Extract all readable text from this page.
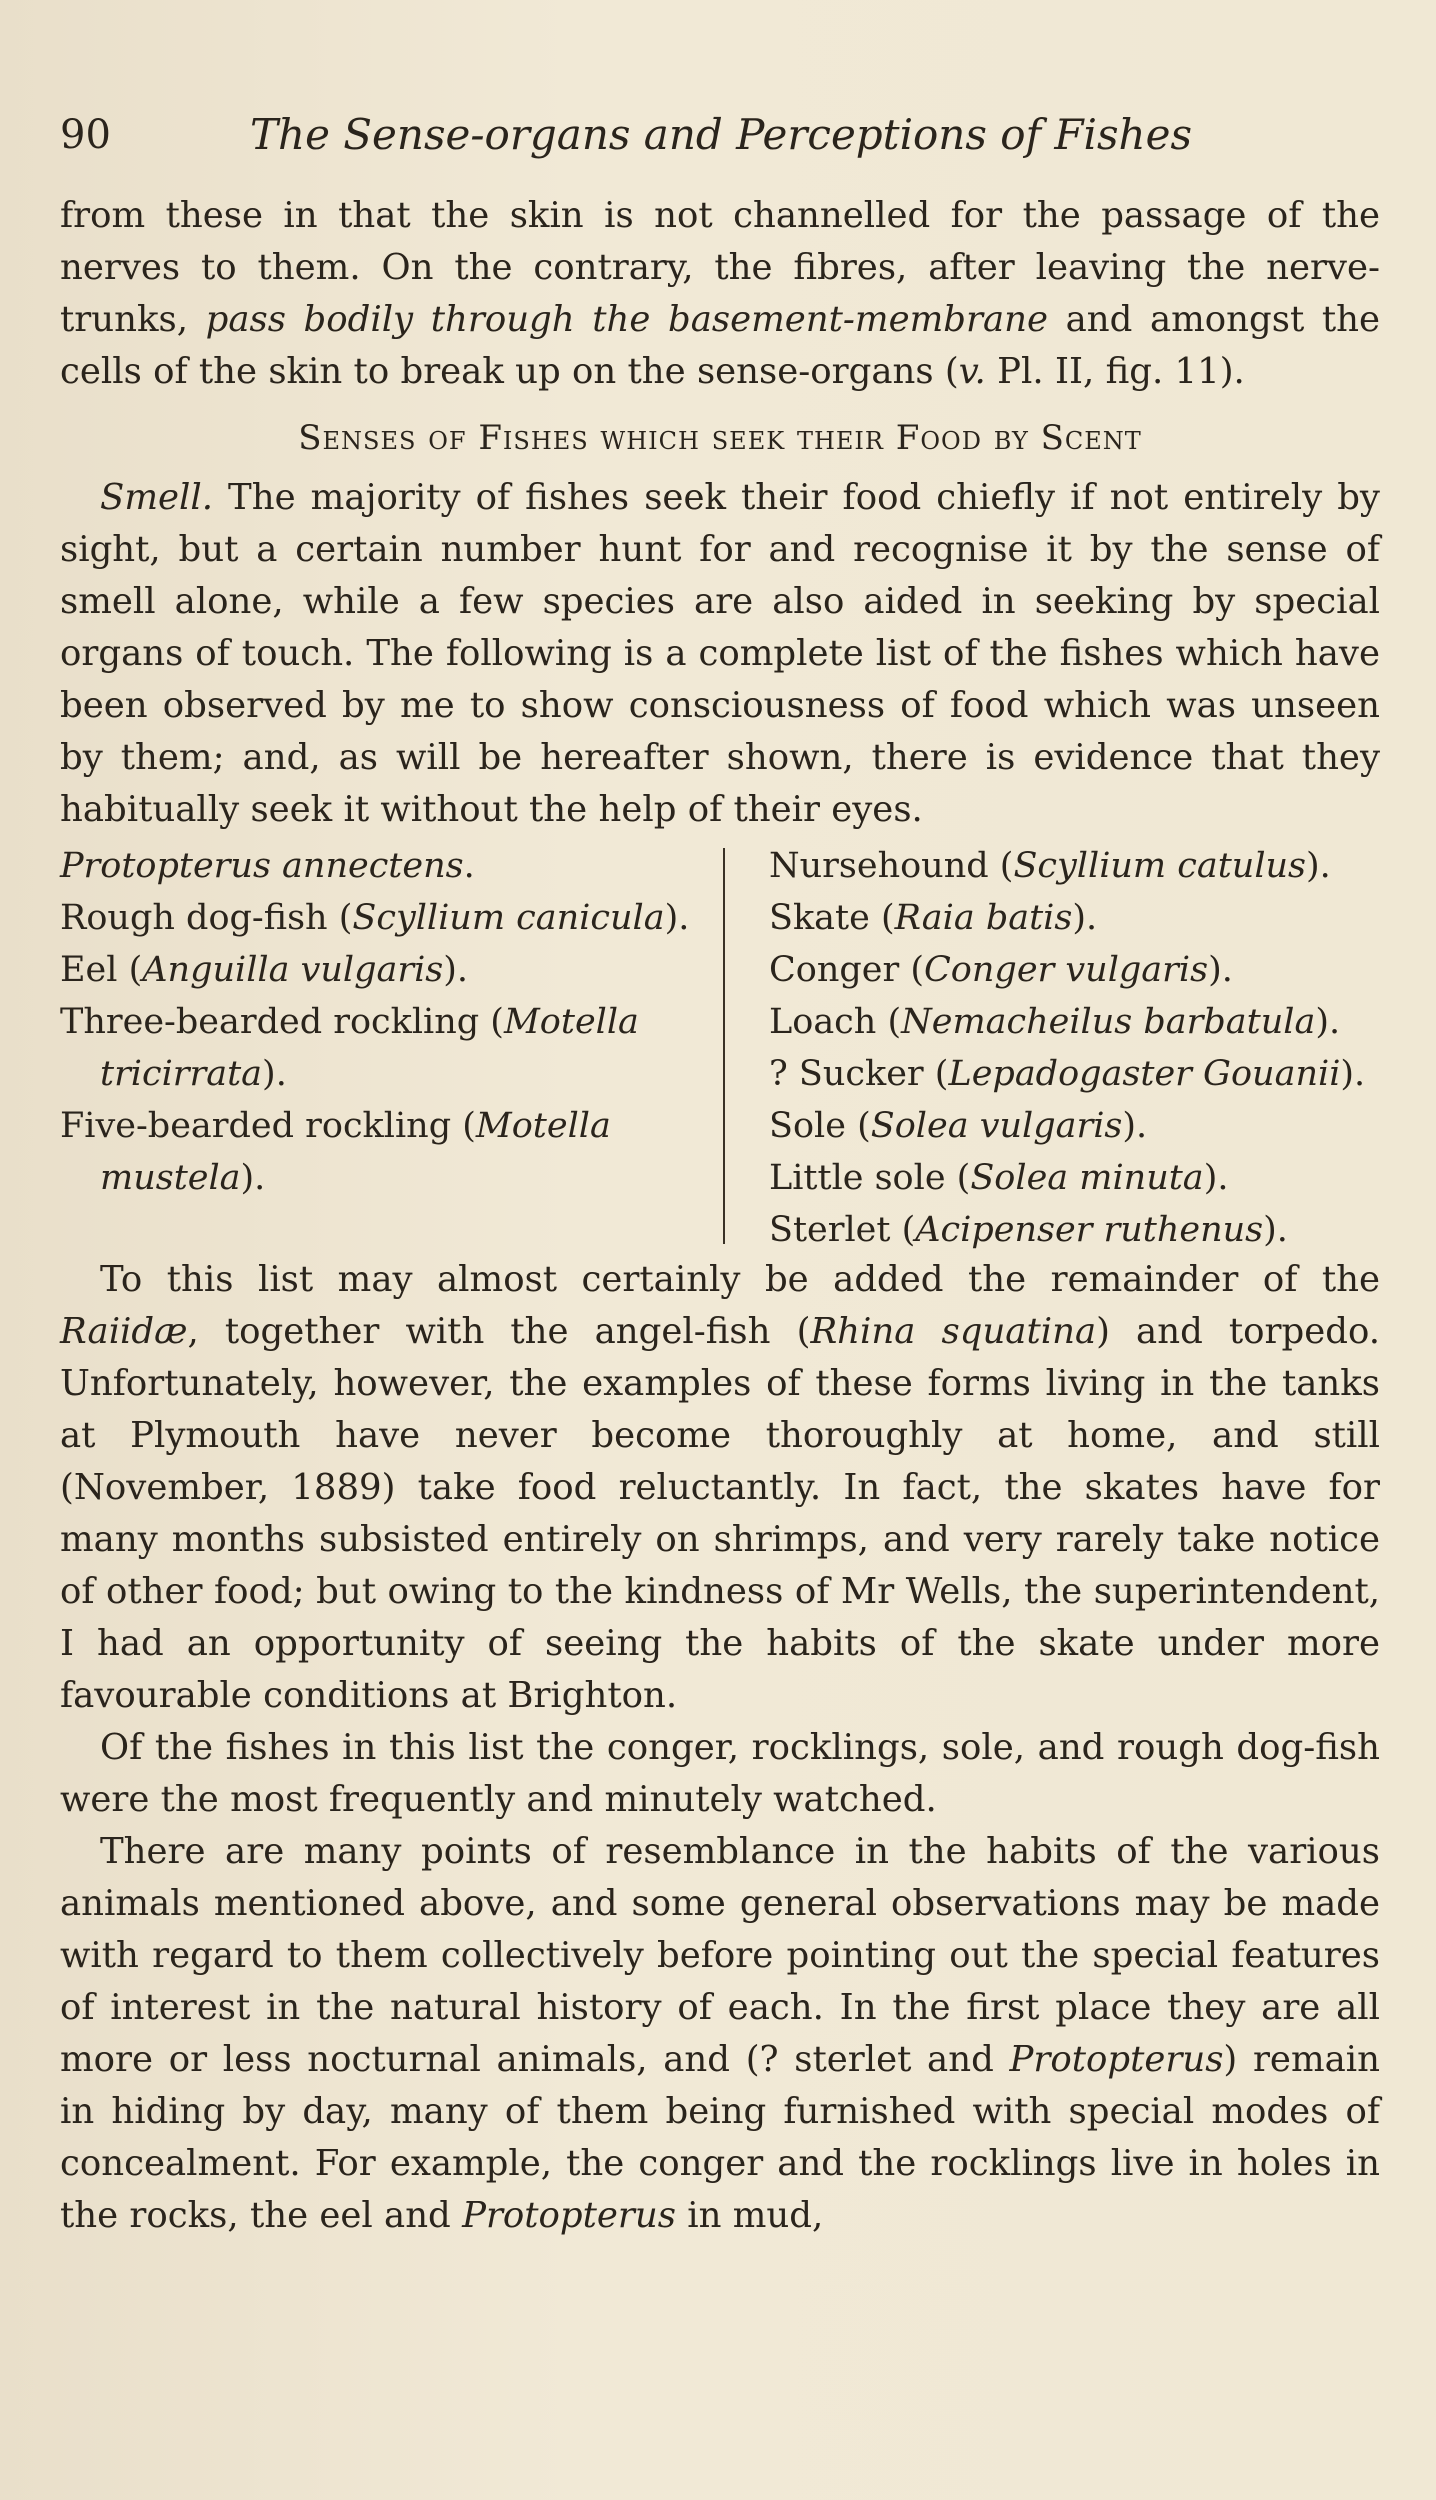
90	The Sense-organs and Perceptions of Fishes

from these in that the skin is not channelled for the passage of the nerves to them. On the contrary, the fibres, after leaving the nerve-trunks, pass bodily through the basement-membrane and amongst the cells of the skin to break up on the sense-organs (v. Pl. II, fig. 11).

Senses of Fishes which seek their Food by Scent

Smell. The majority of fishes seek their food chiefly if not entirely by sight, but a certain number hunt for and recognise it by the sense of smell alone, while a few species are also aided in seeking by special organs of touch. The following is a complete list of the fishes which have been observed by me to show consciousness of food which was unseen by them; and, as will be hereafter shown, there is evidence that they habitually seek it without the help of their eyes.

Protopterus annectens.
Rough dog-fish (Scyllium canicula).
Eel (Anguilla vulgaris).
Three-bearded rockling (Motella tricirrata).
Five-bearded rockling (Motella mustela).
Nursehound (Scyllium catulus).
Skate (Raia batis).
Conger (Conger vulgaris).
Loach (Nemacheilus barbatula).
? Sucker (Lepadogaster Gouanii).
Sole (Solea vulgaris).
Little sole (Solea minuta).
Sterlet (Acipenser ruthenus).

To this list may almost certainly be added the remainder of the Raiidæ, together with the angel-fish (Rhina squatina) and torpedo. Unfortunately, however, the examples of these forms living in the tanks at Plymouth have never become thoroughly at home, and still (November, 1889) take food reluctantly. In fact, the skates have for many months subsisted entirely on shrimps, and very rarely take notice of other food; but owing to the kindness of Mr Wells, the superintendent, I had an opportunity of seeing the habits of the skate under more favourable conditions at Brighton.

Of the fishes in this list the conger, rocklings, sole, and rough dog-fish were the most frequently and minutely watched.

There are many points of resemblance in the habits of the various animals mentioned above, and some general observations may be made with regard to them collectively before pointing out the special features of interest in the natural history of each. In the first place they are all more or less nocturnal animals, and (? sterlet and Protopterus) remain in hiding by day, many of them being furnished with special modes of concealment. For example, the conger and the rocklings live in holes in the rocks, the eel and Protopterus in mud,
